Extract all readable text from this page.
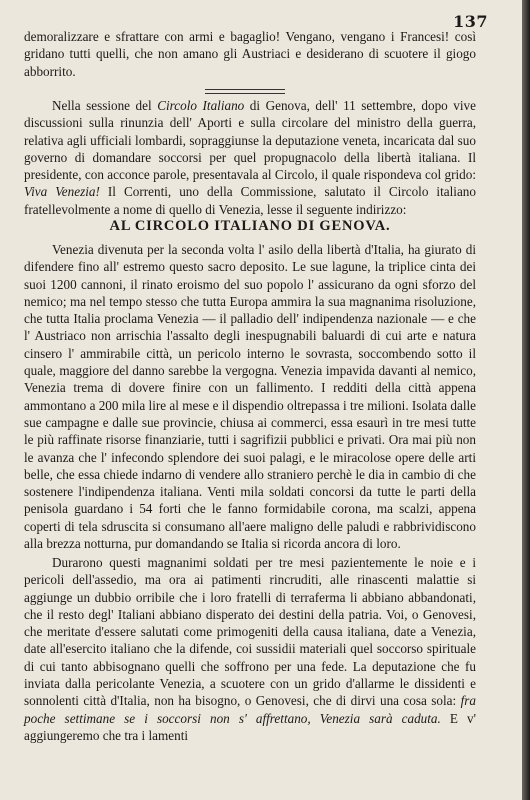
137

demoralizzare e sfrattare con armi e bagaglio! Vengano, vengano i Francesi! così gridano tutti quelli, che non amano gli Austriaci e desiderano di scuotere il giogo abborrito.

Nella sessione del Circolo Italiano di Genova, dell' 11 settembre, dopo vive discussioni sulla rinunzia dell' Aporti e sulla circolare del ministro della guerra, relativa agli ufficiali lombardi, sopraggiunse la deputazione veneta, incaricata dal suo governo di domandare soccorsi per quel propugnacolo della libertà italiana. Il presidente, con acconce parole, presentavala al Circolo, il quale rispondeva col grido: Viva Venezia! Il Correnti, uno della Commissione, salutato il Circolo italiano fratellevolmente a nome di quello di Venezia, lesse il seguente indirizzo:

AL CIRCOLO ITALIANO DI GENOVA.

Venezia divenuta per la seconda volta l' asilo della libertà d'Italia, ha giurato di difendere fino all' estremo questo sacro deposito. Le sue lagune, la triplice cinta dei suoi 1200 cannoni, il rinato eroismo del suo popolo l' assicurano da ogni sforzo del nemico; ma nel tempo stesso che tutta Europa ammira la sua magnanima risoluzione, che tutta Italia proclama Venezia — il palladio dell' indipendenza nazionale — e che l' Austriaco non arrischia l'assalto degli inespugnabili baluardi di cui arte e natura cinsero l' ammirabile città, un pericolo interno le sovrasta, soccombendo sotto il quale, maggiore del danno sarebbe la vergogna. Venezia impavida davanti al nemico, Venezia trema di dovere finire con un fallimento. I redditi della città appena ammontano a 200 mila lire al mese e il dispendio oltrepassa i tre milioni. Isolata dalle sue campagne e dalle sue provincie, chiusa ai commerci, essa esaurì in tre mesi tutte le più raffinate risorse finanziarie, tutti i sagrifizii pubblici e privati. Ora mai più non le avanza che l' infecondo splendore dei suoi palagi, e le miracolose opere delle arti belle, che essa chiede indarno di vendere allo straniero perchè le dia in cambio di che sostenere l'indipendenza italiana. Venti mila soldati concorsi da tutte le parti della penisola guardano i 54 forti che le fanno formidabile corona, ma scalzi, appena coperti di tela sdruscita si consumano all'aere maligno delle paludi e rabbrividiscono alla brezza notturna, pur domandando se Italia si ricorda ancora di loro.

Durarono questi magnanimi soldati per tre mesi pazientemente le noie e i pericoli dell'assedio, ma ora ai patimenti rincruditi, alle rinascenti malattie si aggiunge un dubbio orribile che i loro fratelli di terraferma li abbiano abbandonati, che il resto degl' Italiani abbiano disperato dei destini della patria. Voi, o Genovesi, che meritate d'essere salutati come primogeniti della causa italiana, date a Venezia, date all'esercito italiano che la difende, coi sussidii materiali quel soccorso spirituale di cui tanto abbisognano quelli che soffrono per una fede. La deputazione che fu inviata dalla pericolante Venezia, a scuotere con un grido d'allarme le dissidenti e sonnolenti città d'Italia, non ha bisogno, o Genovesi, che di dirvi una cosa sola: fra poche settimane se i soccorsi non s' affrettano, Venezia sarà caduta. E v' aggiungeremo che tra i lamenti
